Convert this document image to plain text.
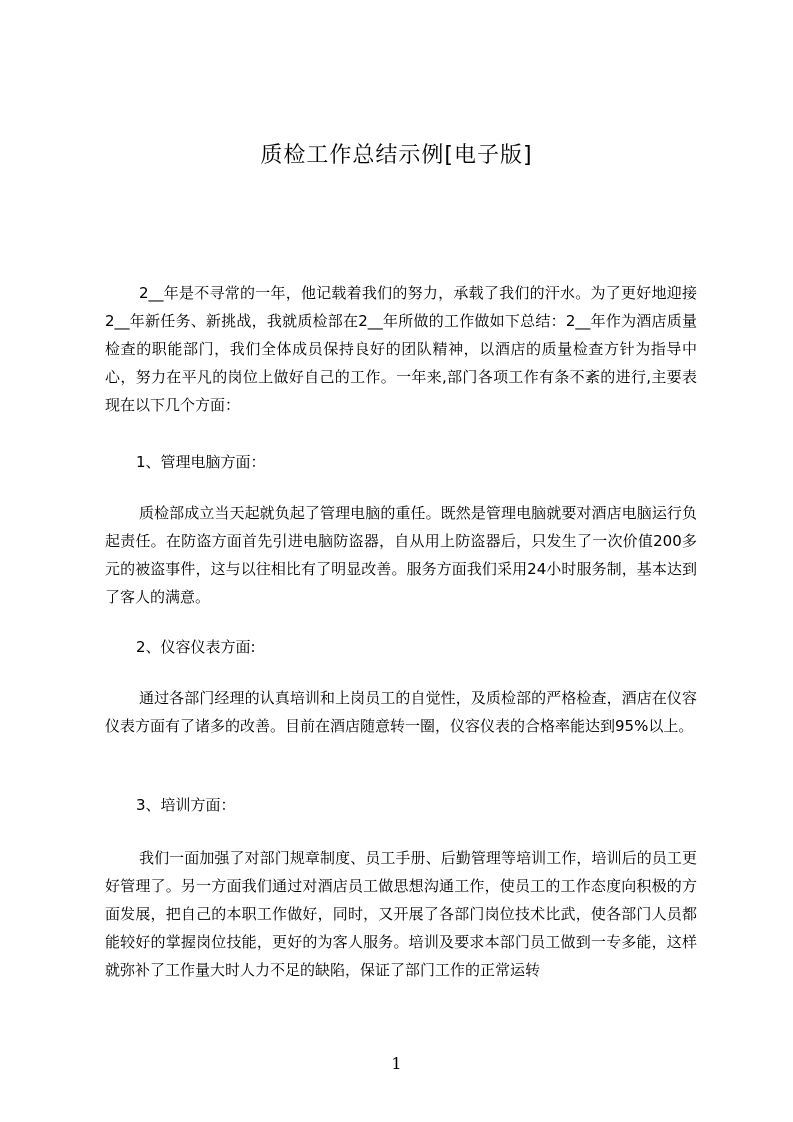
质检工作总结示例[电子版]

2__年是不寻常的一年，他记载着我们的努力，承载了我们的汗水。为了更好地迎接2__年新任务、新挑战，我就质检部在2__年所做的工作做如下总结：2__年作为酒店质量检查的职能部门，我们全体成员保持良好的团队精神，以酒店的质量检查方针为指导中心，努力在平凡的岗位上做好自己的工作。一年来,部门各项工作有条不紊的进行,主要表现在以下几个方面：

1、管理电脑方面：

质检部成立当天起就负起了管理电脑的重任。既然是管理电脑就要对酒店电脑运行负起责任。在防盗方面首先引进电脑防盗器，自从用上防盗器后，只发生了一次价值200多元的被盗事件，这与以往相比有了明显改善。服务方面我们采用24小时服务制，基本达到了客人的满意。

2、仪容仪表方面:

通过各部门经理的认真培训和上岗员工的自觉性，及质检部的严格检查，酒店在仪容仪表方面有了诸多的改善。目前在酒店随意转一圈，仪容仪表的合格率能达到95%以上。

3、培训方面：

我们一面加强了对部门规章制度、员工手册、后勤管理等培训工作，培训后的员工更好管理了。另一方面我们通过对酒店员工做思想沟通工作，使员工的工作态度向积极的方面发展，把自己的本职工作做好，同时，又开展了各部门岗位技术比武，使各部门人员都能较好的掌握岗位技能，更好的为客人服务。培训及要求本部门员工做到一专多能，这样就弥补了工作量大时人力不足的缺陷，保证了部门工作的正常运转

1
